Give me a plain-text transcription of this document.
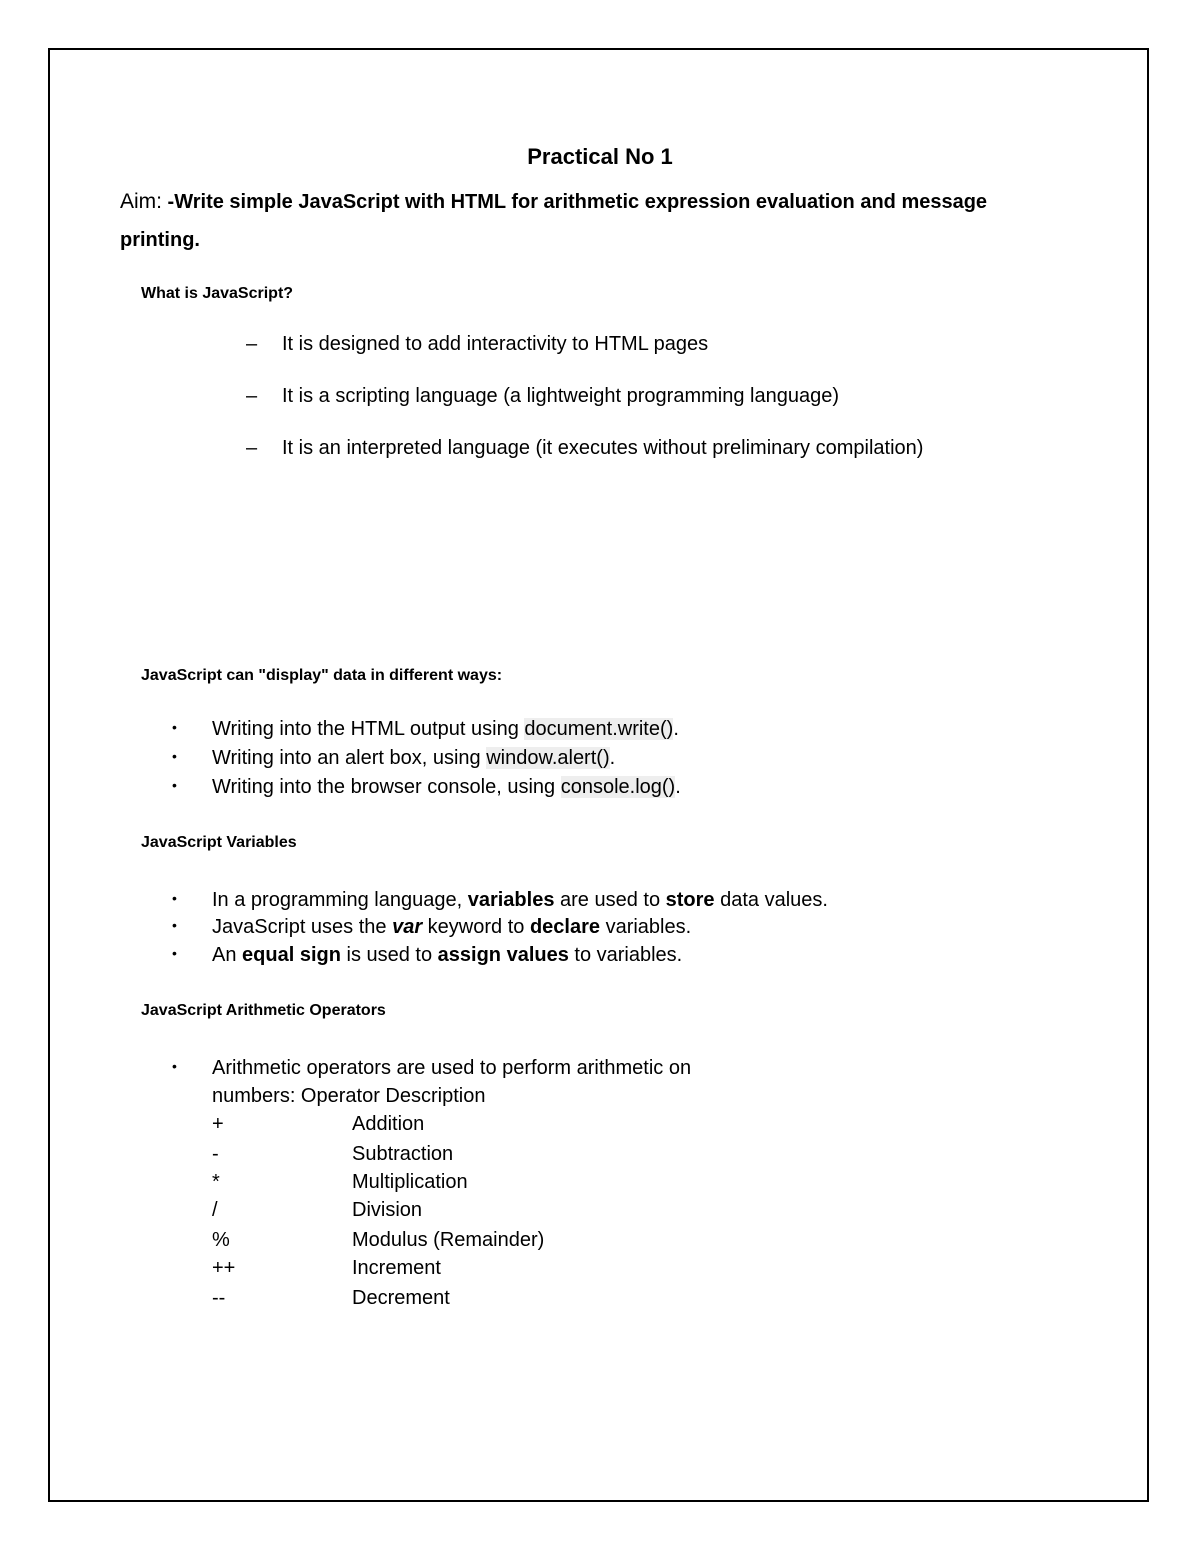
Practical No 1
Aim: -Write simple JavaScript with HTML for arithmetic expression evaluation and message
printing.
What is JavaScript?
– It is designed to add interactivity to HTML pages
– It is a scripting language (a lightweight programming language)
– It is an interpreted language (it executes without preliminary compilation)
JavaScript can "display" data in different ways:
• Writing into the HTML output using document.write().
• Writing into an alert box, using window.alert().
• Writing into the browser console, using console.log().
JavaScript Variables
• In a programming language, variables are used to store data values.
• JavaScript uses the var keyword to declare variables.
• An equal sign is used to assign values to variables.
JavaScript Arithmetic Operators
• Arithmetic operators are used to perform arithmetic on
numbers: Operator Description
+	Addition
-	Subtraction
*	Multiplication
/	Division
%	Modulus (Remainder)
++	Increment
--	Decrement
